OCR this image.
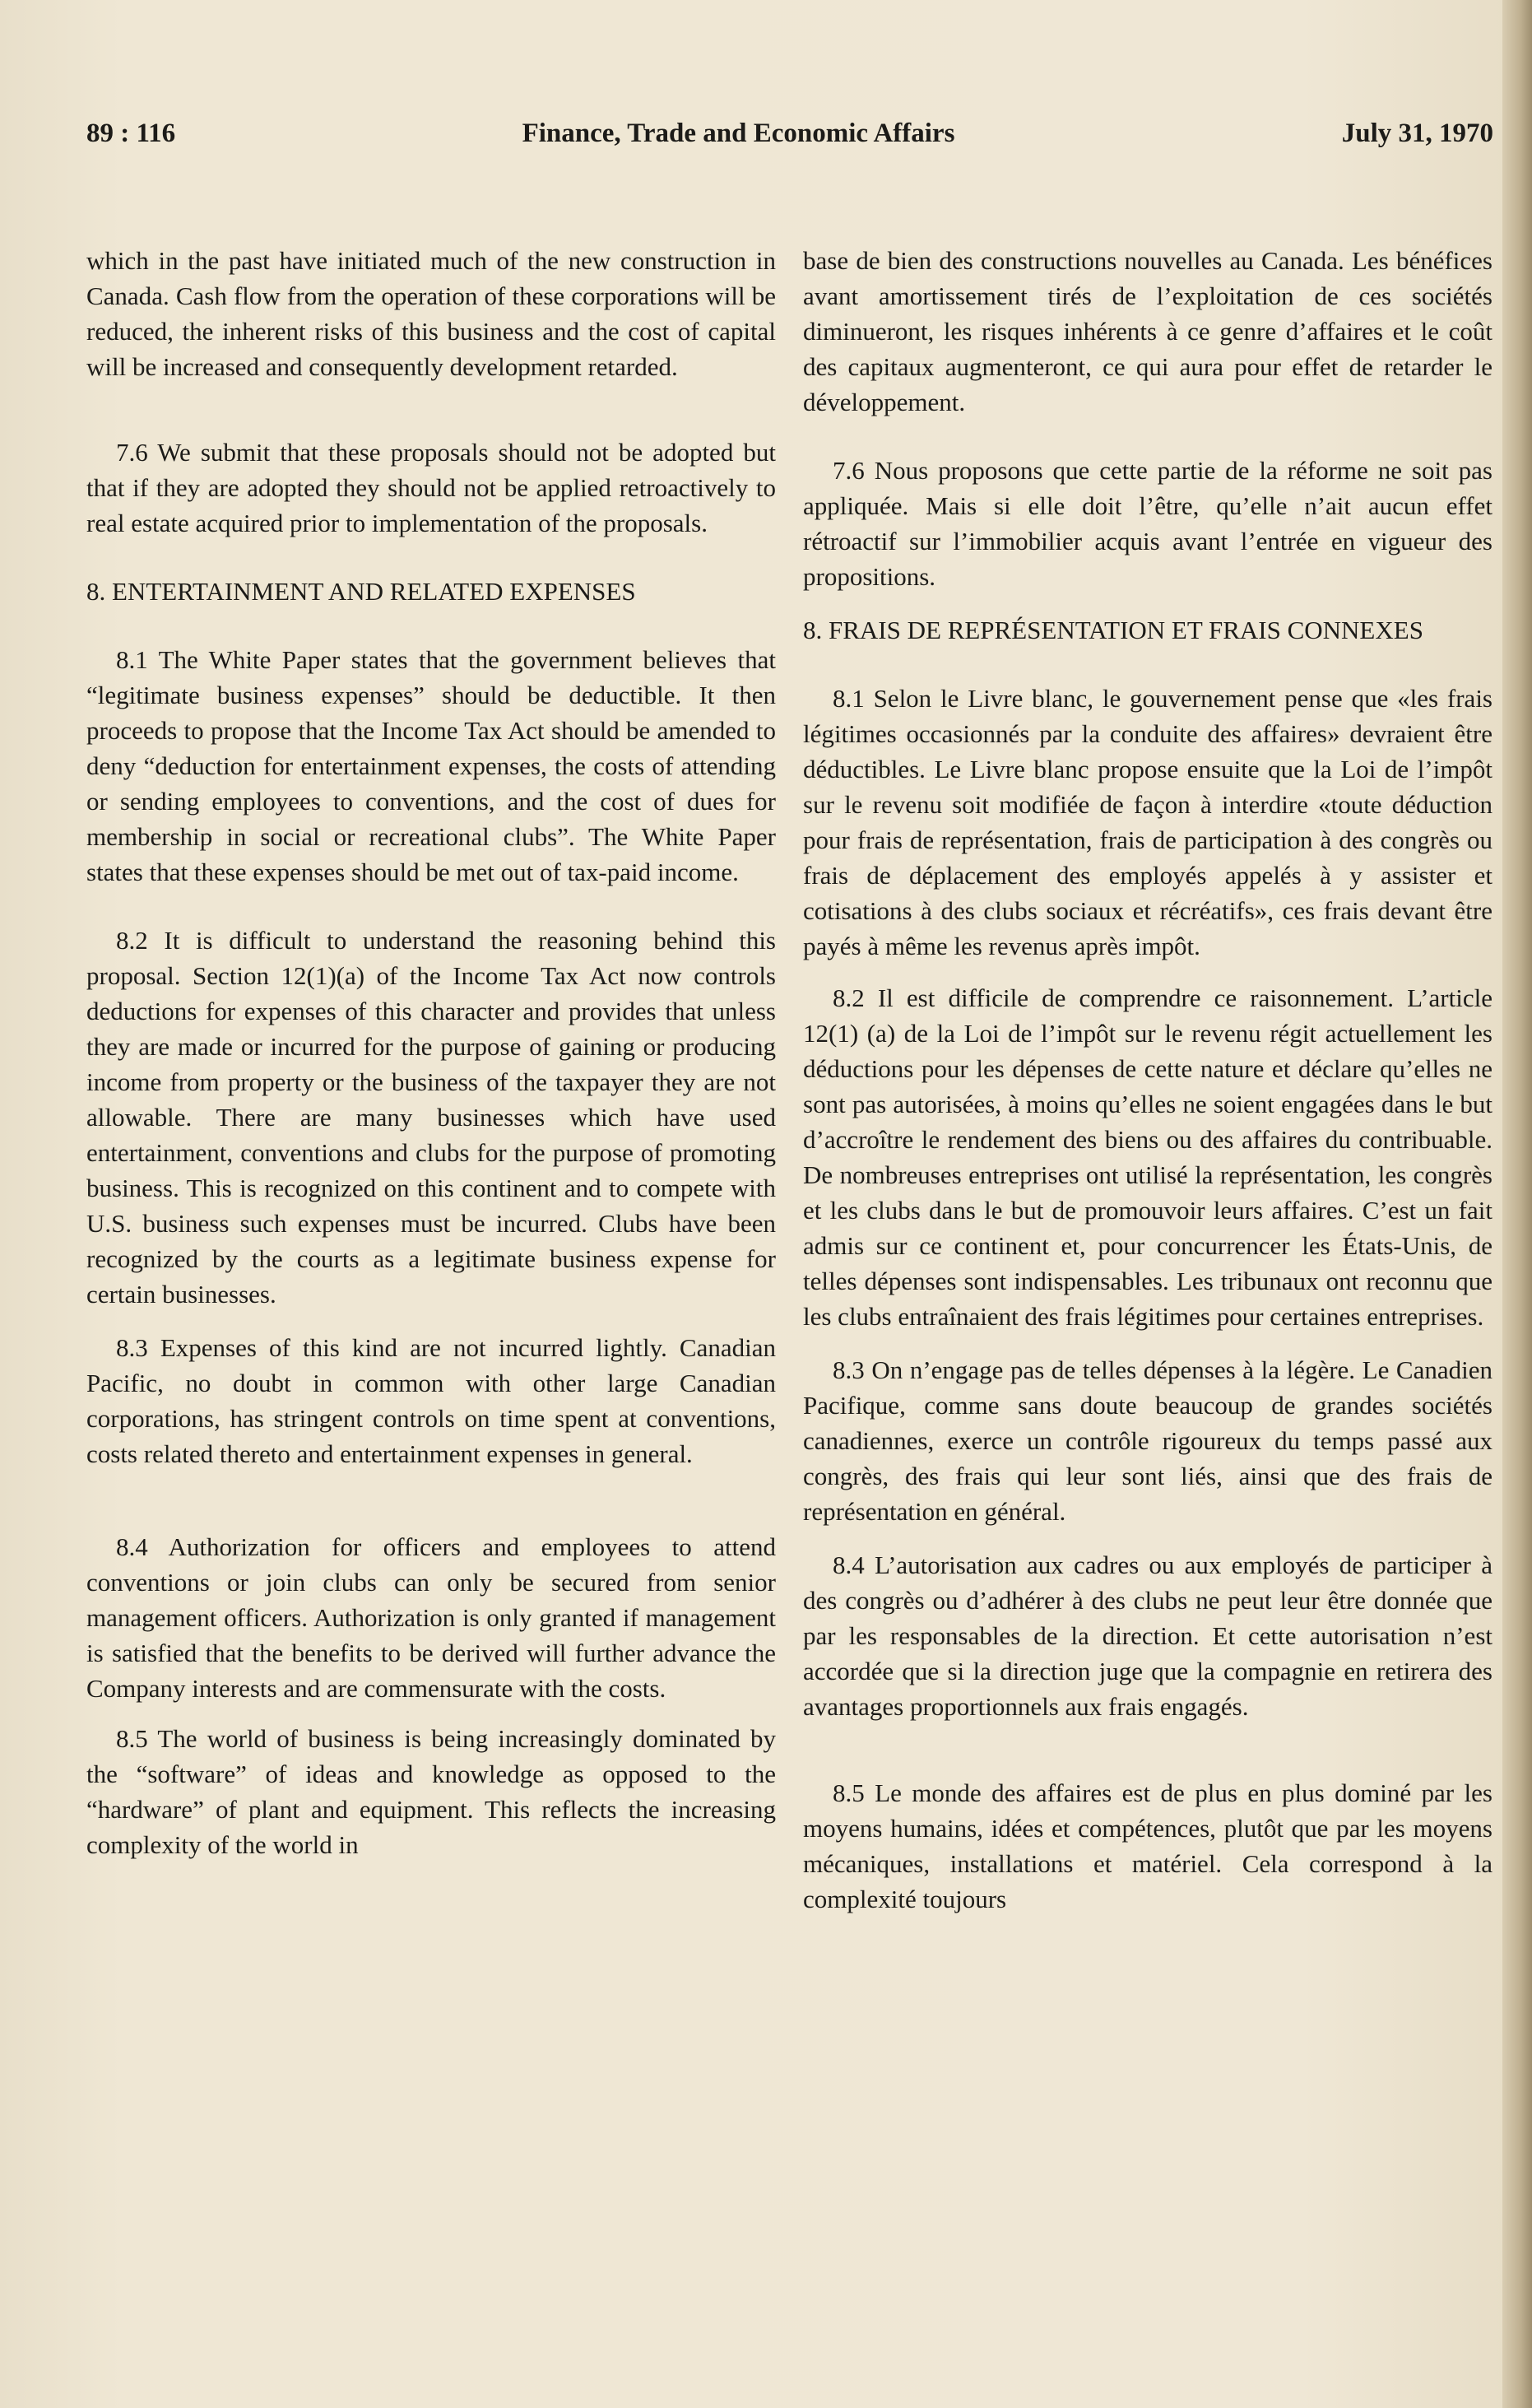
89 : 116	Finance, Trade and Economic Affairs	July 31, 1970

which in the past have initiated much of the new construction in Canada. Cash flow from the operation of these corporations will be reduced, the inherent risks of this business and the cost of capital will be increased and consequently development retarded.

7.6 We submit that these proposals should not be adopted but that if they are adopted they should not be applied retroactively to real estate acquired prior to implementation of the proposals.

8. ENTERTAINMENT AND RELATED EXPENSES

8.1 The White Paper states that the government believes that “legitimate business expenses” should be deductible. It then proceeds to propose that the Income Tax Act should be amended to deny “deduction for entertainment expenses, the costs of attending or sending employees to conventions, and the cost of dues for membership in social or recreational clubs”. The White Paper states that these expenses should be met out of tax-paid income.

8.2 It is difficult to understand the reasoning behind this proposal. Section 12(1)(a) of the Income Tax Act now controls deductions for expenses of this character and provides that unless they are made or incurred for the purpose of gaining or producing income from property or the business of the taxpayer they are not allowable. There are many businesses which have used entertainment, conventions and clubs for the purpose of promoting business. This is recognized on this continent and to compete with U.S. business such expenses must be incurred. Clubs have been recognized by the courts as a legitimate business expense for certain businesses.

8.3 Expenses of this kind are not incurred lightly. Canadian Pacific, no doubt in common with other large Canadian corporations, has stringent controls on time spent at conventions, costs related thereto and entertainment expenses in general.

8.4 Authorization for officers and employees to attend conventions or join clubs can only be secured from senior management officers. Authorization is only granted if management is satisfied that the benefits to be derived will further advance the Company interests and are commensurate with the costs.

8.5 The world of business is being increasingly dominated by the “software” of ideas and knowledge as opposed to the “hardware” of plant and equipment. This reflects the increasing complexity of the world in

base de bien des constructions nouvelles au Canada. Les bénéfices avant amortissement tirés de l’exploitation de ces sociétés diminueront, les risques inhérents à ce genre d’affaires et le coût des capitaux augmenteront, ce qui aura pour effet de retarder le développement.

7.6 Nous proposons que cette partie de la réforme ne soit pas appliquée. Mais si elle doit l’être, qu’elle n’ait aucun effet rétroactif sur l’immobilier acquis avant l’entrée en vigueur des propositions.

8. FRAIS DE REPRÉSENTATION ET FRAIS CONNEXES

8.1 Selon le Livre blanc, le gouvernement pense que «les frais légitimes occasionnés par la conduite des affaires» devraient être déductibles. Le Livre blanc propose ensuite que la Loi de l’impôt sur le revenu soit modifiée de façon à interdire «toute déduction pour frais de représentation, frais de participation à des congrès ou frais de déplacement des employés appelés à y assister et cotisations à des clubs sociaux et récréatifs», ces frais devant être payés à même les revenus après impôt.

8.2 Il est difficile de comprendre ce raisonnement. L’article 12(1) (a) de la Loi de l’impôt sur le revenu régit actuellement les déductions pour les dépenses de cette nature et déclare qu’elles ne sont pas autorisées, à moins qu’elles ne soient engagées dans le but d’accroître le rendement des biens ou des affaires du contribuable. De nombreuses entreprises ont utilisé la représentation, les congrès et les clubs dans le but de promouvoir leurs affaires. C’est un fait admis sur ce continent et, pour concurrencer les États-Unis, de telles dépenses sont indispensables. Les tribunaux ont reconnu que les clubs entraînaient des frais légitimes pour certaines entreprises.

8.3 On n’engage pas de telles dépenses à la légère. Le Canadien Pacifique, comme sans doute beaucoup de grandes sociétés canadiennes, exerce un contrôle rigoureux du temps passé aux congrès, des frais qui leur sont liés, ainsi que des frais de représentation en général.

8.4 L’autorisation aux cadres ou aux employés de participer à des congrès ou d’adhérer à des clubs ne peut leur être donnée que par les responsables de la direction. Et cette autorisation n’est accordée que si la direction juge que la compagnie en retirera des avantages proportionnels aux frais engagés.

8.5 Le monde des affaires est de plus en plus dominé par les moyens humains, idées et compétences, plutôt que par les moyens mécaniques, installations et matériel. Cela correspond à la complexité toujours
